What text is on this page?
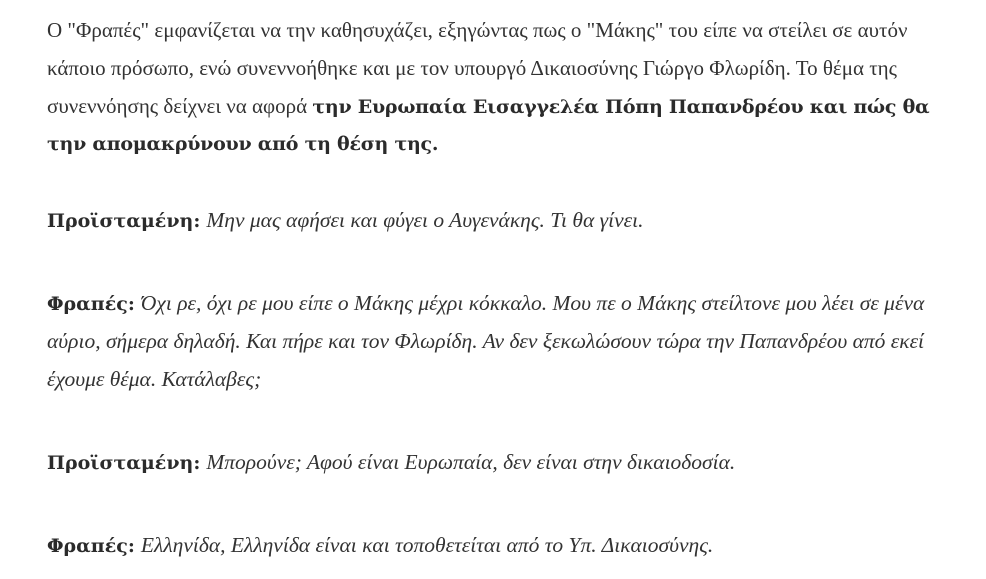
Ο "Φραπές" εμφανίζεται να την καθησυχάζει, εξηγώντας πως ο "Μάκης" του είπε να στείλει σε αυτόν κάποιο πρόσωπο, ενώ συνεννοήθηκε και με τον υπουργό Δικαιοσύνης Γιώργο Φλωρίδη. Το θέμα της συνεννόησης δείχνει να αφορά την Ευρωπαία Εισαγγελέα Πόπη Παπανδρέου και πώς θα την απομακρύνουν από τη θέση της.

Προϊσταμένη: Μην μας αφήσει και φύγει ο Αυγενάκης. Τι θα γίνει.

Φραπές: Όχι ρε, όχι ρε μου είπε ο Μάκης μέχρι κόκκαλο. Μου πε ο Μάκης στείλτονε μου λέει σε μένα αύριο, σήμερα δηλαδή. Και πήρε και τον Φλωρίδη. Αν δεν ξεκωλώσουν τώρα την Παπανδρέου από εκεί έχουμε θέμα. Κατάλαβες;

Προϊσταμένη: Μπορούνε; Αφού είναι Ευρωπαία, δεν είναι στην δικαιοδοσία.

Φραπές: Ελληνίδα, Ελληνίδα είναι και τοποθετείται από το Υπ. Δικαιοσύνης.
